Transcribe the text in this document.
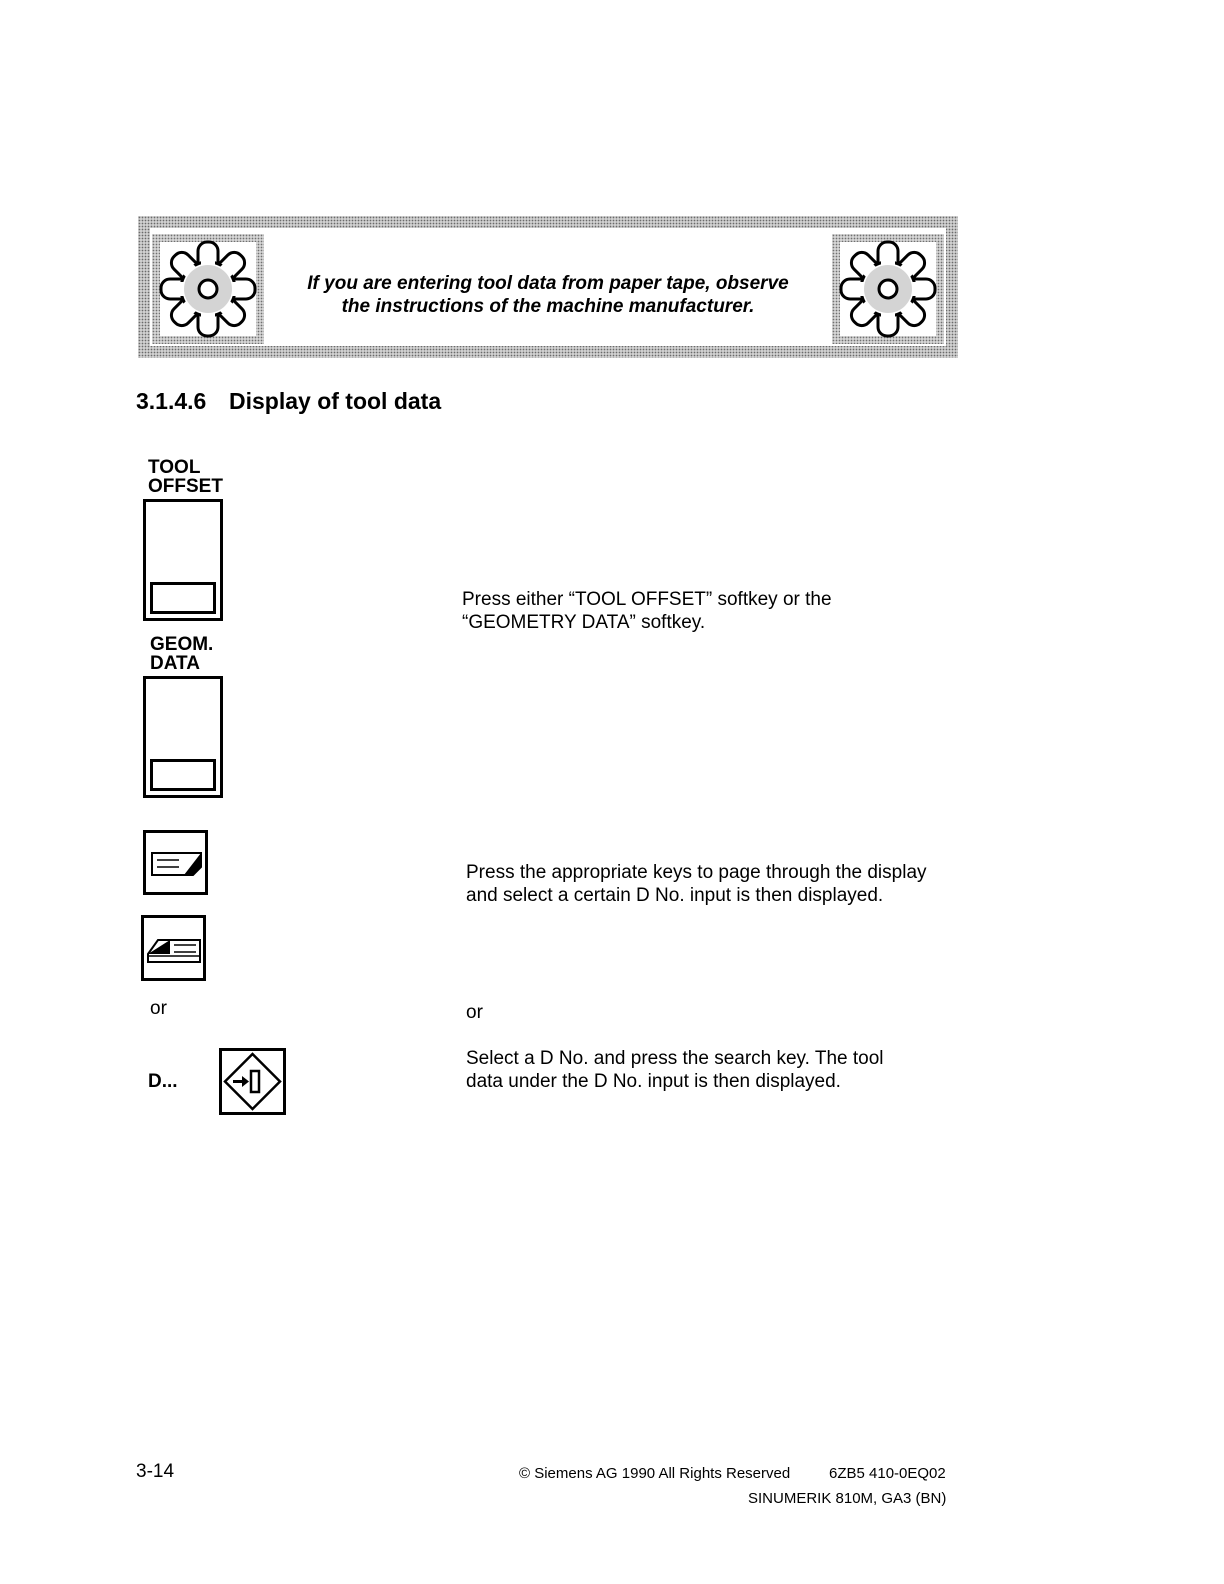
If you are entering tool data from paper tape, observe
the instructions of the machine manufacturer.
3.1.4.6 Display of tool data
TOOL
OFFSET
GEOM.
DATA
Press either “TOOL OFFSET” softkey or the
“GEOMETRY DATA” softkey.
Press the appropriate keys to page through the display
and select a certain D No. input is then displayed.
or	or
D...
Select a D No. and press the search key. The tool
data under the D No. input is then displayed.
3-14	© Siemens AG 1990 All Rights Reserved	6ZB5 410-0EQ02
SINUMERIK 810M, GA3 (BN)
